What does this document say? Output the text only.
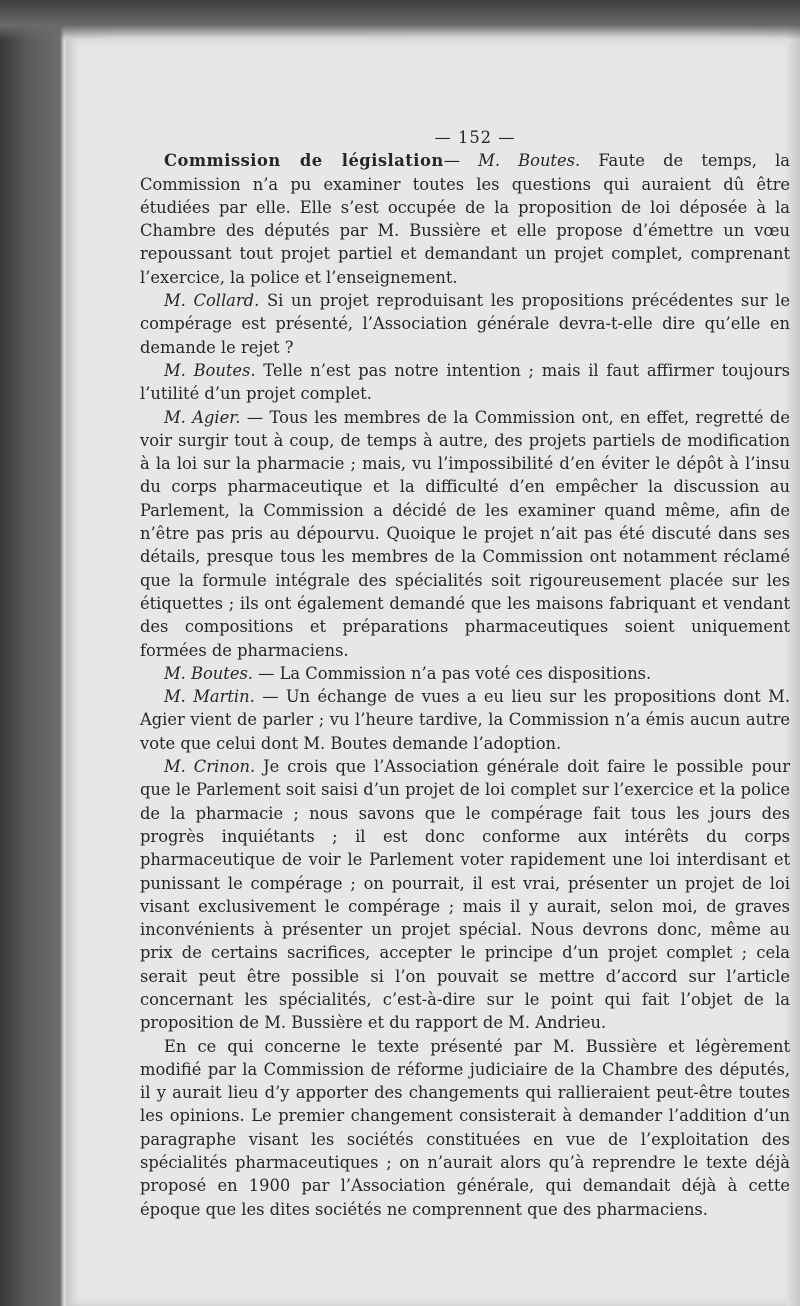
— 152 —

Commission de législation— M. Boutes. Faute de temps, la Commission n’a pu examiner toutes les questions qui auraient dû être étudiées par elle. Elle s’est occupée de la proposition de loi déposée à la Chambre des députés par M. Bussière et elle propose d’émettre un vœu repoussant tout projet partiel et demandant un projet complet, comprenant l’exercice, la police et l’enseignement.

M. Collard. Si un projet reproduisant les propositions précédentes sur le compérage est présenté, l’Association générale devra-t-elle dire qu’elle en demande le rejet ?

M. Boutes. Telle n’est pas notre intention ; mais il faut affirmer toujours l’utilité d’un projet complet.

M. Agier. — Tous les membres de la Commission ont, en effet, regretté de voir surgir tout à coup, de temps à autre, des projets partiels de modification à la loi sur la pharmacie ; mais, vu l’impossibilité d’en éviter le dépôt à l’insu du corps pharmaceutique et la difficulté d’en empêcher la discussion au Parlement, la Commission a décidé de les examiner quand même, afin de n’être pas pris au dépourvu. Quoique le projet n’ait pas été discuté dans ses détails, presque tous les membres de la Commission ont notamment réclamé que la formule intégrale des spécialités soit rigoureusement placée sur les étiquettes ; ils ont également demandé que les maisons fabriquant et vendant des compositions et préparations pharmaceutiques soient uniquement formées de pharmaciens.

M. Boutes. — La Commission n’a pas voté ces dispositions.

M. Martin. — Un échange de vues a eu lieu sur les propositions dont M. Agier vient de parler ; vu l’heure tardive, la Commission n’a émis aucun autre vote que celui dont M. Boutes demande l’adoption.

M. Crinon. Je crois que l’Association générale doit faire le possible pour que le Parlement soit saisi d’un projet de loi complet sur l’exercice et la police de la pharmacie ; nous savons que le compérage fait tous les jours des progrès inquiétants ; il est donc conforme aux intérêts du corps pharmaceutique de voir le Parlement voter rapidement une loi interdisant et punissant le compérage ; on pourrait, il est vrai, présenter un projet de loi visant exclusivement le compérage ; mais il y aurait, selon moi, de graves inconvénients à présenter un projet spécial. Nous devrons donc, même au prix de certains sacrifices, accepter le principe d’un projet complet ; cela serait peut être possible si l’on pouvait se mettre d’accord sur l’article concernant les spécialités, c’est-à-dire sur le point qui fait l’objet de la proposition de M. Bussière et du rapport de M. Andrieu.

En ce qui concerne le texte présenté par M. Bussière et légèrement modifié par la Commission de réforme judiciaire de la Chambre des députés, il y aurait lieu d’y apporter des changements qui rallieraient peut-être toutes les opinions. Le premier changement consisterait à demander l’addition d’un paragraphe visant les sociétés constituées en vue de l’exploitation des spécialités pharmaceutiques ; on n’aurait alors qu’à reprendre le texte déjà proposé en 1900 par l’Association générale, qui demandait déjà à cette époque que les dites sociétés ne comprennent que des pharmaciens.
